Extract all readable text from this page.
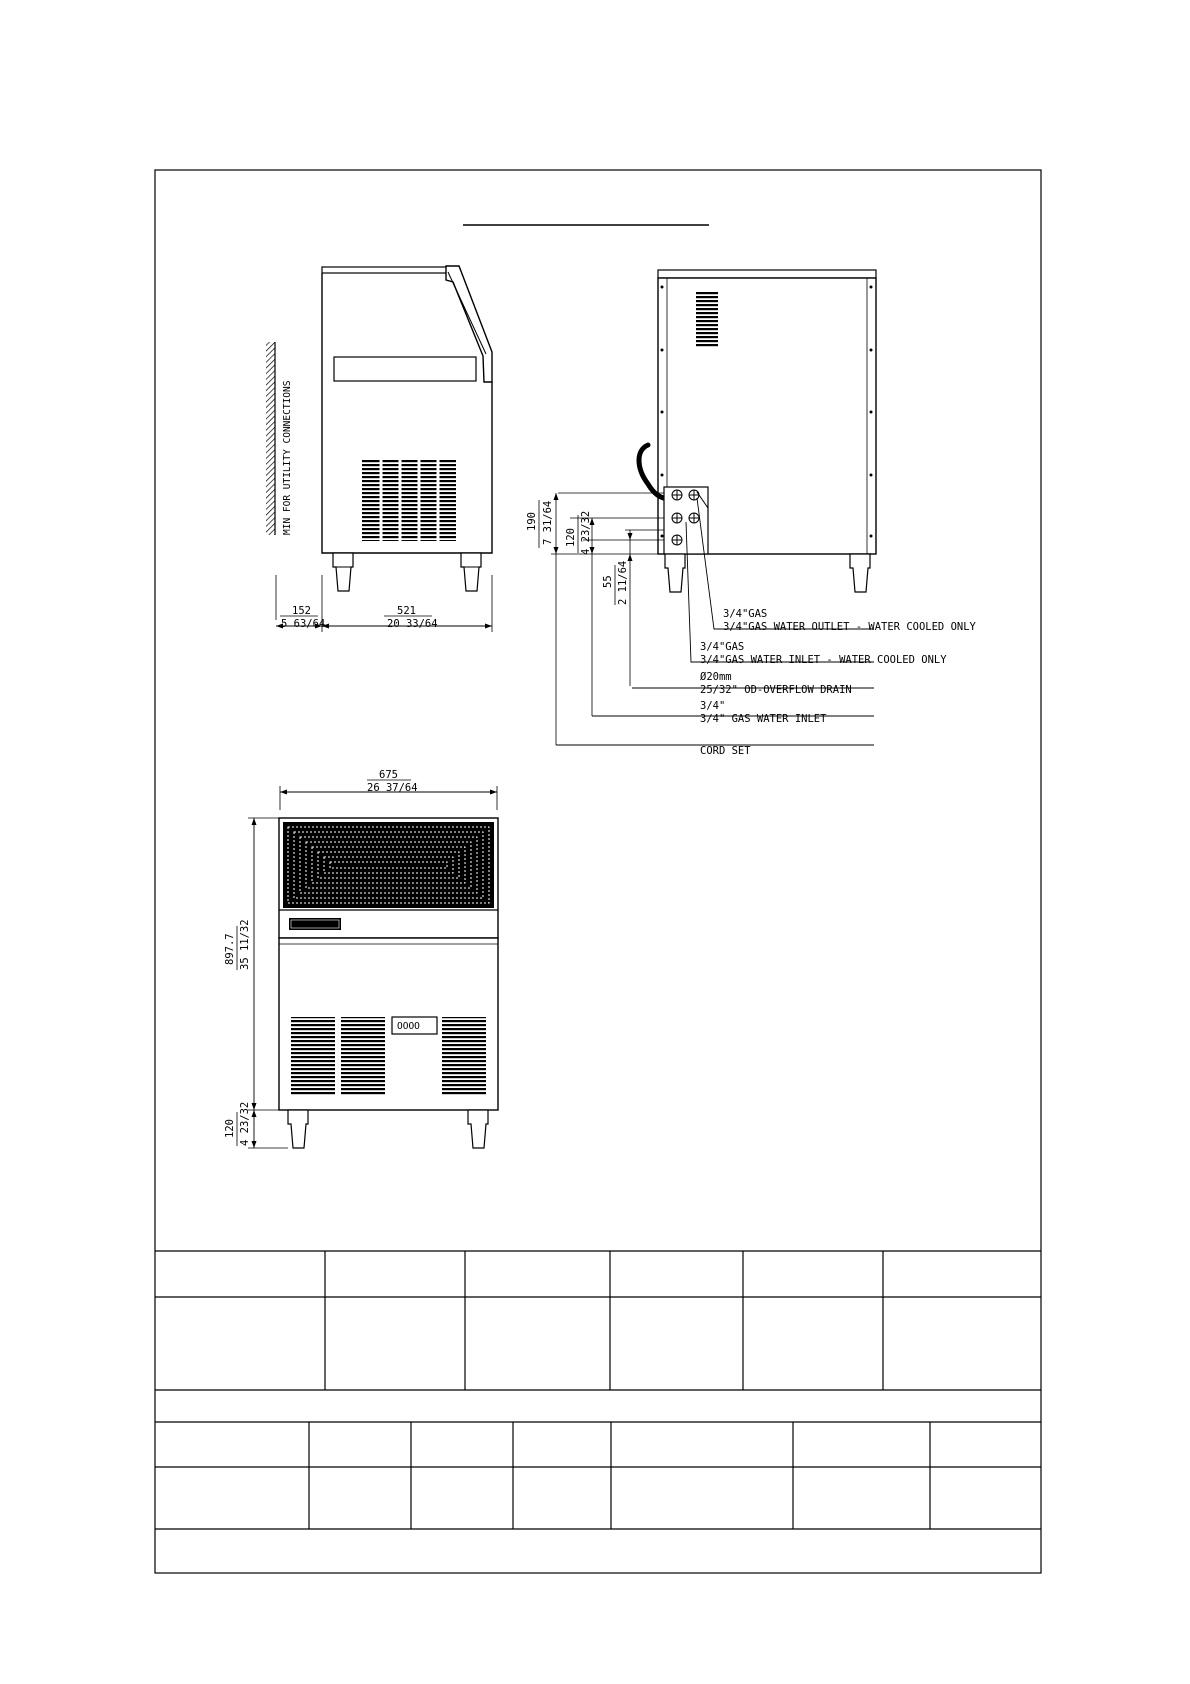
MIN FOR UTILITY CONNECTIONS
152
5 63/64
521
20 33/64
190 7 31/64 120 4 23/32
55 2 11/64
3/4"GAS
3/4"GAS WATER OUTLET - WATER COOLED ONLY
3/4"GAS
3/4"GAS WATER INLET - WATER COOLED ONLY
Ø20mm
25/32" OD-OVERFLOW DRAIN
3/4"
3/4" GAS WATER INLET
CORD SET
675
26 37/64
OOOO
897.7 35 11/32
120 4 23/32
